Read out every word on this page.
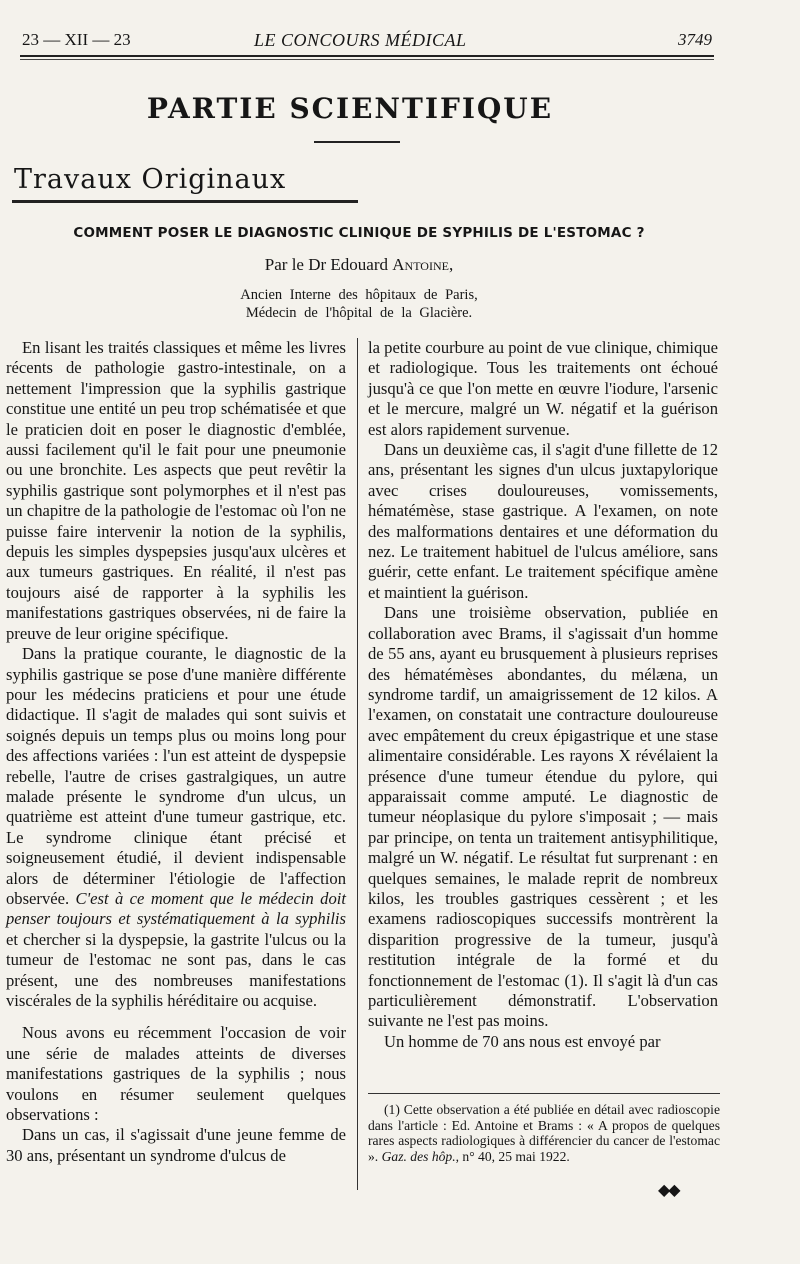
23 — XII — 23	LE CONCOURS MÉDICAL	3749
PARTIE SCIENTIFIQUE
Travaux Originaux
COMMENT POSER LE DIAGNOSTIC CLINIQUE DE SYPHILIS DE L'ESTOMAC ?
Par le Dr Edouard Antoine,
Ancien Interne des hôpitaux de Paris,
Médecin de l'hôpital de la Glacière.

En lisant les traités classiques et même les livres récents de pathologie gastro-intestinale, on a nettement l'impression que la syphilis gastrique constitue une entité un peu trop schématisée et que le praticien doit en poser le diagnostic d'emblée, aussi facilement qu'il le fait pour une pneumonie ou une bronchite. Les aspects que peut revêtir la syphilis gastrique sont polymorphes et il n'est pas un chapitre de la pathologie de l'estomac où l'on ne puisse faire intervenir la notion de la syphilis, depuis les simples dyspepsies jusqu'aux ulcères et aux tumeurs gastriques. En réalité, il n'est pas toujours aisé de rapporter à la syphilis les manifestations gastriques observées, ni de faire la preuve de leur origine spécifique.

Dans la pratique courante, le diagnostic de la syphilis gastrique se pose d'une manière différente pour les médecins praticiens et pour une étude didactique. Il s'agit de malades qui sont suivis et soignés depuis un temps plus ou moins long pour des affections variées : l'un est atteint de dyspepsie rebelle, l'autre de crises gastralgiques, un autre malade présente le syndrome d'un ulcus, un quatrième est atteint d'une tumeur gastrique, etc. Le syndrome clinique étant précisé et soigneusement étudié, il devient indispensable alors de déterminer l'étiologie de l'affection observée. C'est à ce moment que le médecin doit penser toujours et systématiquement à la syphilis et chercher si la dyspepsie, la gastrite l'ulcus ou la tumeur de l'estomac ne sont pas, dans le cas présent, une des nombreuses manifestations viscérales de la syphilis héréditaire ou acquise.

Nous avons eu récemment l'occasion de voir une série de malades atteints de diverses manifestations gastriques de la syphilis ; nous voulons en résumer seulement quelques observations :

Dans un cas, il s'agissait d'une jeune femme de 30 ans, présentant un syndrome d'ulcus de

la petite courbure au point de vue clinique, chimique et radiologique. Tous les traitements ont échoué jusqu'à ce que l'on mette en œuvre l'iodure, l'arsenic et le mercure, malgré un W. négatif et la guérison est alors rapidement survenue.

Dans un deuxième cas, il s'agit d'une fillette de 12 ans, présentant les signes d'un ulcus juxtapylorique avec crises douloureuses, vomissements, hématémèse, stase gastrique. A l'examen, on note des malformations dentaires et une déformation du nez. Le traitement habituel de l'ulcus améliore, sans guérir, cette enfant. Le traitement spécifique amène et maintient la guérison.

Dans une troisième observation, publiée en collaboration avec Brams, il s'agissait d'un homme de 55 ans, ayant eu brusquement à plusieurs reprises des hématémèses abondantes, du mélæna, un syndrome tardif, un amaigrissement de 12 kilos. A l'examen, on constatait une contracture douloureuse avec empâtement du creux épigastrique et une stase alimentaire considérable. Les rayons X révélaient la présence d'une tumeur étendue du pylore, qui apparaissait comme amputé. Le diagnostic de tumeur néoplasique du pylore s'imposait ; — mais par principe, on tenta un traitement antisyphilitique, malgré un W. négatif. Le résultat fut surprenant : en quelques semaines, le malade reprit de nombreux kilos, les troubles gastriques cessèrent ; et les examens radioscopiques successifs montrèrent la disparition progressive de la tumeur, jusqu'à restitution intégrale de la formé et du fonctionnement de l'estomac (1). Il s'agit là d'un cas particulièrement démonstratif. L'observation suivante ne l'est pas moins.

Un homme de 70 ans nous est envoyé par

(1) Cette observation a été publiée en détail avec radioscopie dans l'article : Ed. Antoine et Brams : « A propos de quelques rares aspects radiologiques à différencier du cancer de l'estomac ». Gaz. des hôp., n° 40, 25 mai 1922.

◆◆
